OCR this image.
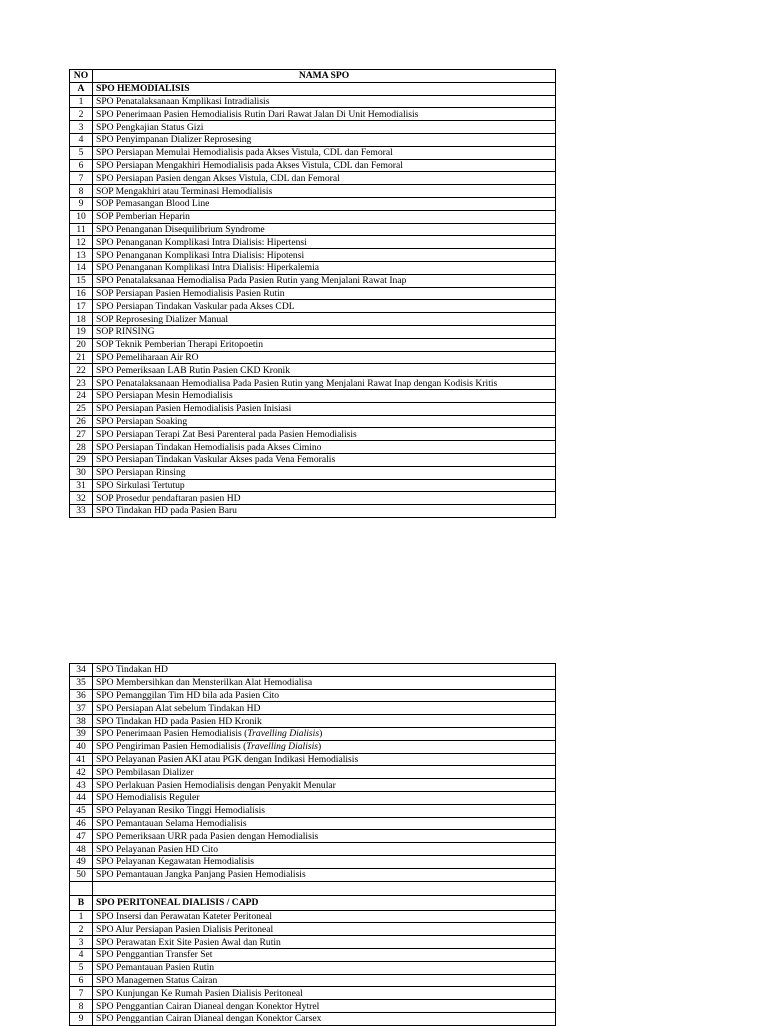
NO	NAMA SPO
A	SPO HEMODIALISIS
1	SPO Penatalaksanaan Kmplikasi Intradialisis
2	SPO Penerimaan Pasien Hemodialisis Rutin Dari Rawat Jalan Di Unit Hemodialisis
3	SPO Pengkajian Status Gizi
4	SPO Penyimpanan Dializer Reprosesing
5	SPO Persiapan Memulai Hemodialisis pada Akses Vistula, CDL dan Femoral
6	SPO Persiapan Mengakhiri Hemodialisis pada Akses Vistula, CDL dan Femoral
7	SPO Persiapan Pasien dengan Akses Vistula, CDL dan Femoral
8	SOP Mengakhiri atau Terminasi Hemodialisis
9	SOP Pemasangan Blood Line
10	SOP Pemberian Heparin
11	SPO Penanganan Disequilibrium Syndrome
12	SPO Penanganan Komplikasi Intra Dialisis: Hipertensi
13	SPO Penanganan Komplikasi Intra Dialisis: Hipotensi
14	SPO Penanganan Komplikasi Intra Dialisis: Hiperkalemia
15	SPO Penatalaksanaa Hemodialisa Pada Pasien Rutin yang Menjalani Rawat Inap
16	SOP Persiapan Pasien Hemodialisis Pasien Rutin
17	SPO Persiapan Tindakan Vaskular pada Akses CDL
18	SOP Reprosesing Dializer Manual
19	SOP RINSING
20	SOP Teknik Pemberian Therapi Eritopoetin
21	SPO Pemeliharaan Air RO
22	SPO Pemeriksaan LAB Rutin Pasien CKD Kronik
23	SPO Penatalaksanaan Hemodialisa Pada Pasien Rutin yang Menjalani Rawat Inap dengan Kodisis Kritis
24	SPO Persiapan Mesin Hemodialisis
25	SPO Persiapan Pasien Hemodialisis Pasien Inisiasi
26	SPO Persiapan Soaking
27	SPO Persiapan Terapi Zat Besi Parenteral pada Pasien Hemodialisis
28	SPO Persiapan Tindakan Hemodialisis pada Akses Cimino
29	SPO Persiapan Tindakan Vaskular Akses pada Vena Femoralis
30	SPO Persiapan Rinsing
31	SPO Sirkulasi Tertutup
32	SOP Prosedur pendaftaran pasien HD
33	SPO Tindakan HD pada Pasien Baru
34	SPO Tindakan HD
35	SPO Membersihkan dan Mensterilkan Alat Hemodialisa
36	SPO Pemanggilan Tim HD bila ada Pasien Cito
37	SPO Persiapan Alat sebelum Tindakan HD
38	SPO Tindakan HD pada Pasien HD Kronik
39	SPO Penerimaan Pasien Hemodialisis (Travelling Dialisis)
40	SPO Pengiriman Pasien Hemodialisis (Travelling Dialisis)
41	SPO Pelayanan Pasien AKI atau PGK dengan Indikasi Hemodialisis
42	SPO Pembilasan Dializer
43	SPO Perlakuan Pasien Hemodialisis dengan Penyakit Menular
44	SPO Hemodialisis Reguler
45	SPO Pelayanan Resiko Tinggi Hemodialisis
46	SPO Pemantauan Selama Hemodialisis
47	SPO Pemeriksaan URR pada Pasien dengan Hemodialisis
48	SPO Pelayanan Pasien HD Cito
49	SPO Pelayanan Kegawatan Hemodialisis
50	SPO Pemantauan Jangka Panjang Pasien Hemodialisis

B	SPO PERITONEAL DIALISIS / CAPD
1	SPO Insersi dan Perawatan Kateter Peritoneal
2	SPO Alur Persiapan Pasien Dialisis Peritoneal
3	SPO Perawatan Exit Site Pasien Awal dan Rutin
4	SPO Penggantian Transfer Set
5	SPO Pemantauan Pasien Rutin
6	SPO Managemen Status Cairan
7	SPO Kunjungan Ke Rumah Pasien Dialisis Peritoneal
8	SPO Penggantian Cairan Dianeal dengan Konektor Hytrel
9	SPO Penggantian Cairan Dianeal dengan Konektor Carsex
